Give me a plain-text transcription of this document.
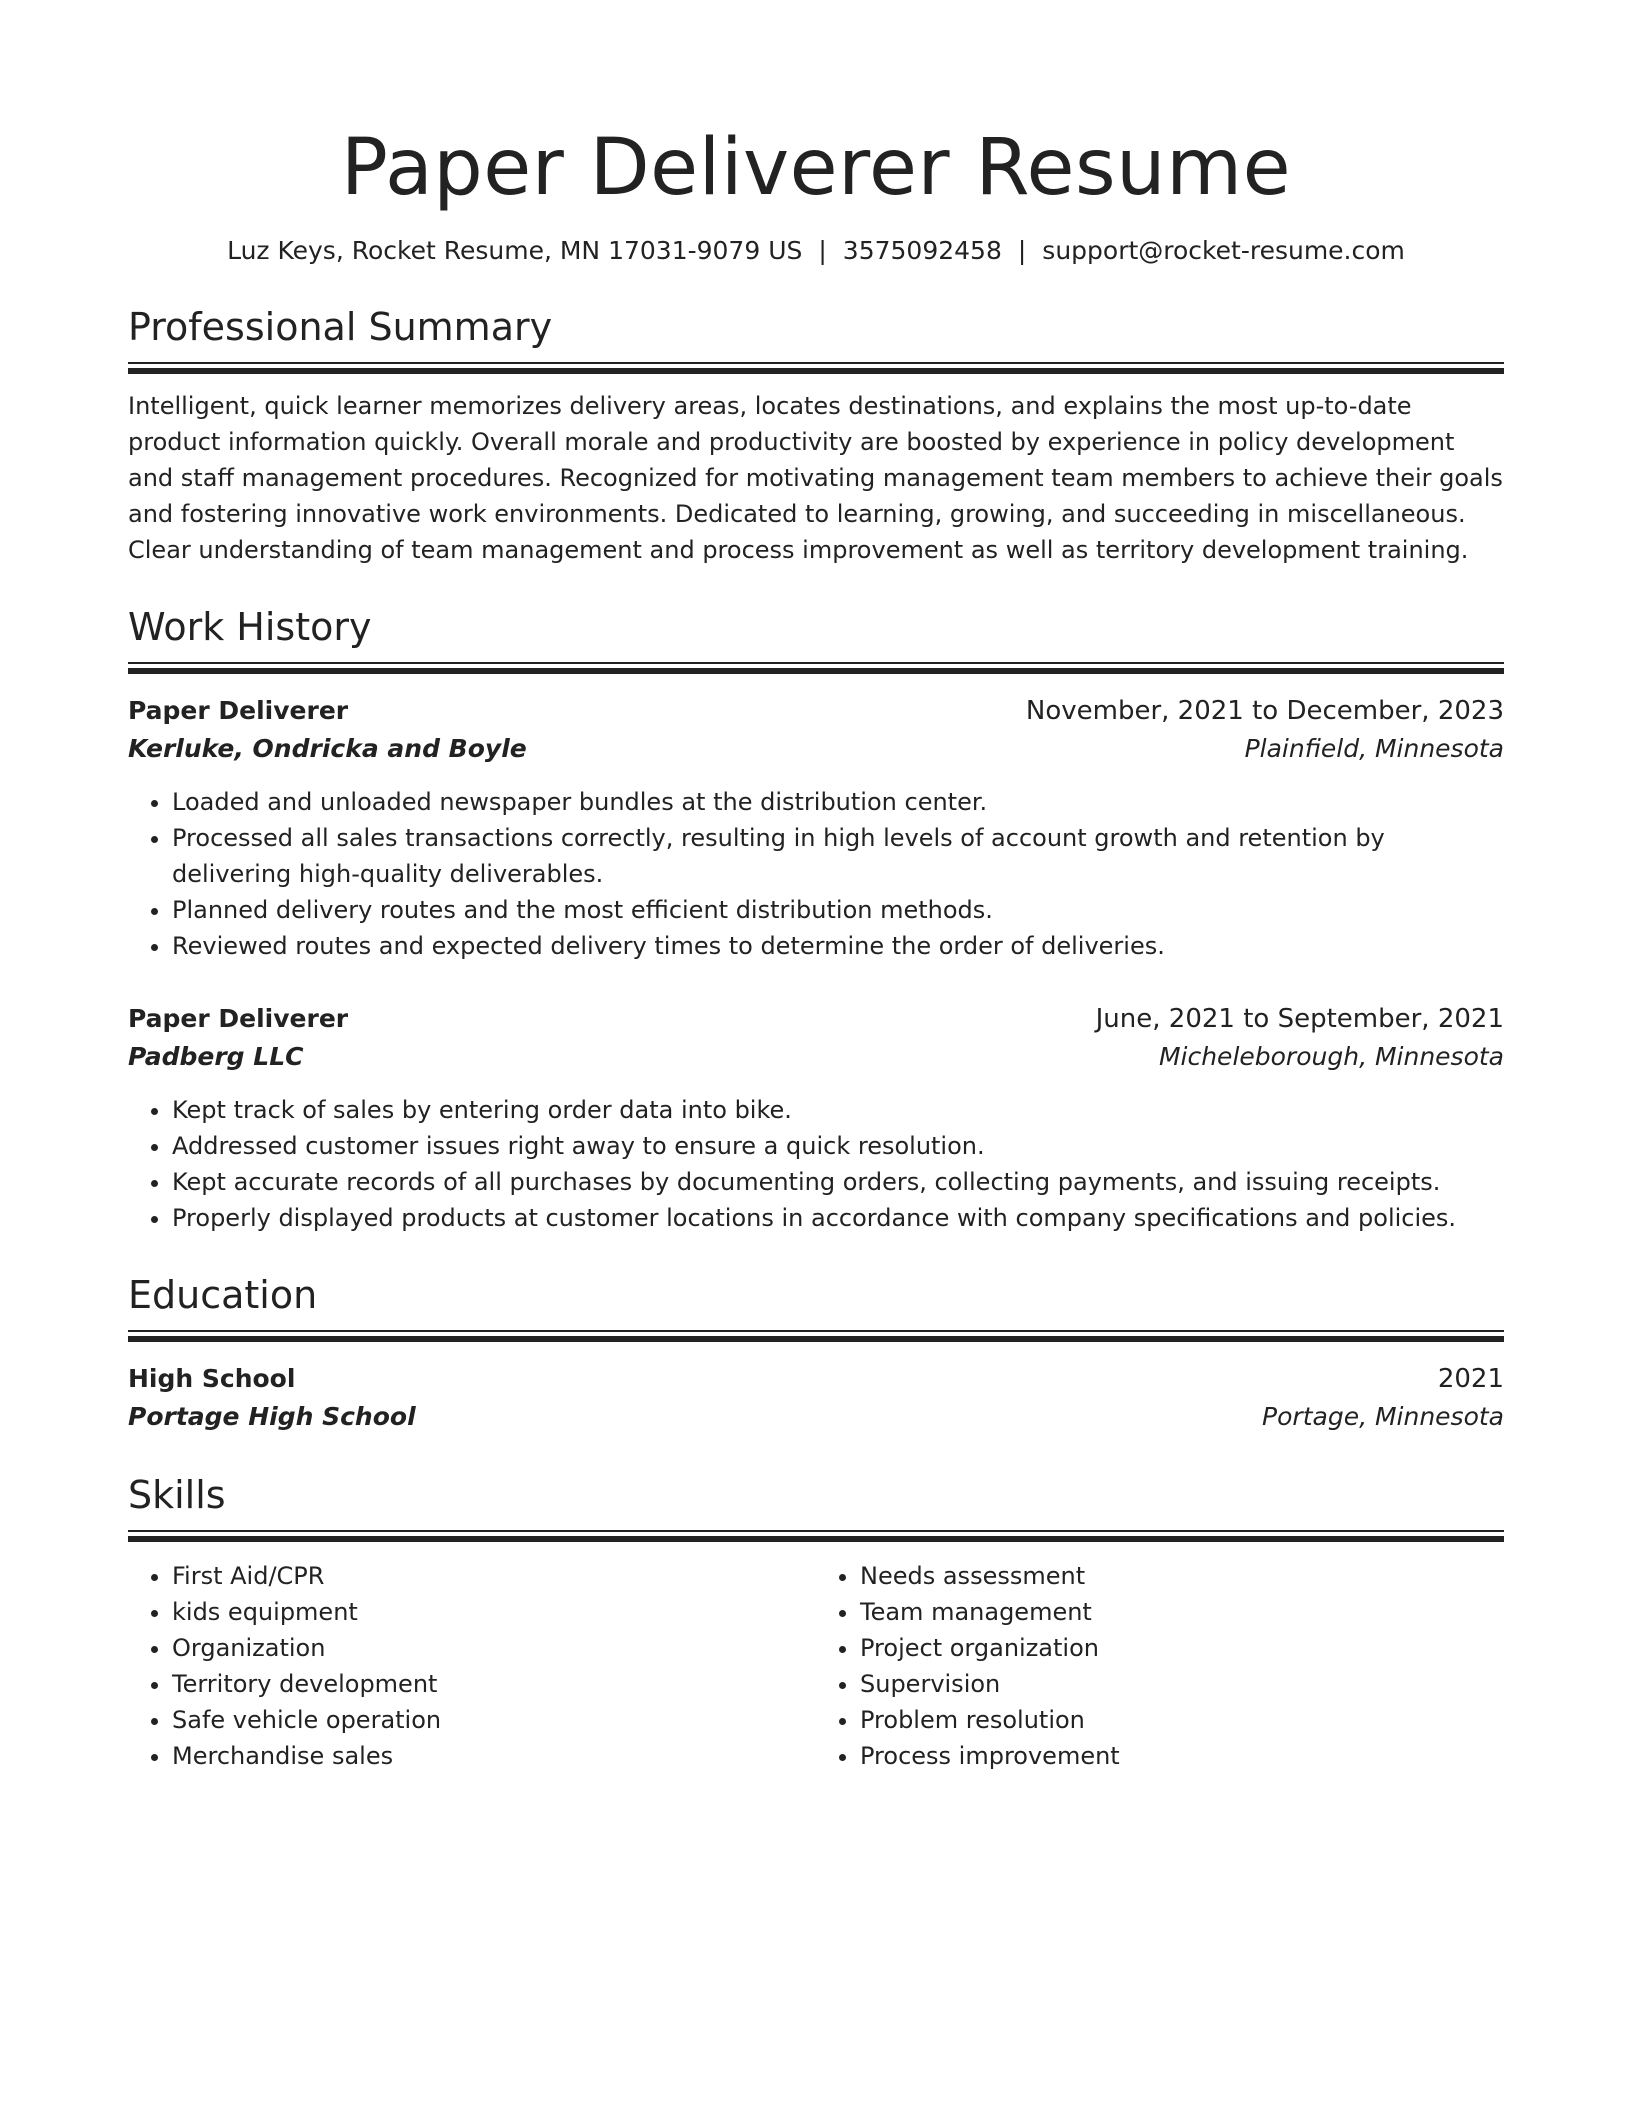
Paper Deliverer Resume
Luz Keys, Rocket Resume, MN 17031-9079 US | 3575092458 | support@rocket-resume.com
Professional Summary
Intelligent, quick learner memorizes delivery areas, locates destinations, and explains the most up-to-date product information quickly. Overall morale and productivity are boosted by experience in policy development and staff management procedures. Recognized for motivating management team members to achieve their goals and fostering innovative work environments. Dedicated to learning, growing, and succeeding in miscellaneous. Clear understanding of team management and process improvement as well as territory development training.
Work History
Paper Deliverer	November, 2021 to December, 2023
Kerluke, Ondricka and Boyle	Plainfield, Minnesota
• Loaded and unloaded newspaper bundles at the distribution center.
• Processed all sales transactions correctly, resulting in high levels of account growth and retention by delivering high-quality deliverables.
• Planned delivery routes and the most efficient distribution methods.
• Reviewed routes and expected delivery times to determine the order of deliveries.
Paper Deliverer	June, 2021 to September, 2021
Padberg LLC	Micheleborough, Minnesota
• Kept track of sales by entering order data into bike.
• Addressed customer issues right away to ensure a quick resolution.
• Kept accurate records of all purchases by documenting orders, collecting payments, and issuing receipts.
• Properly displayed products at customer locations in accordance with company specifications and policies.
Education
High School	2021
Portage High School	Portage, Minnesota
Skills
• First Aid/CPR
• kids equipment
• Organization
• Territory development
• Safe vehicle operation
• Merchandise sales
• Needs assessment
• Team management
• Project organization
• Supervision
• Problem resolution
• Process improvement
